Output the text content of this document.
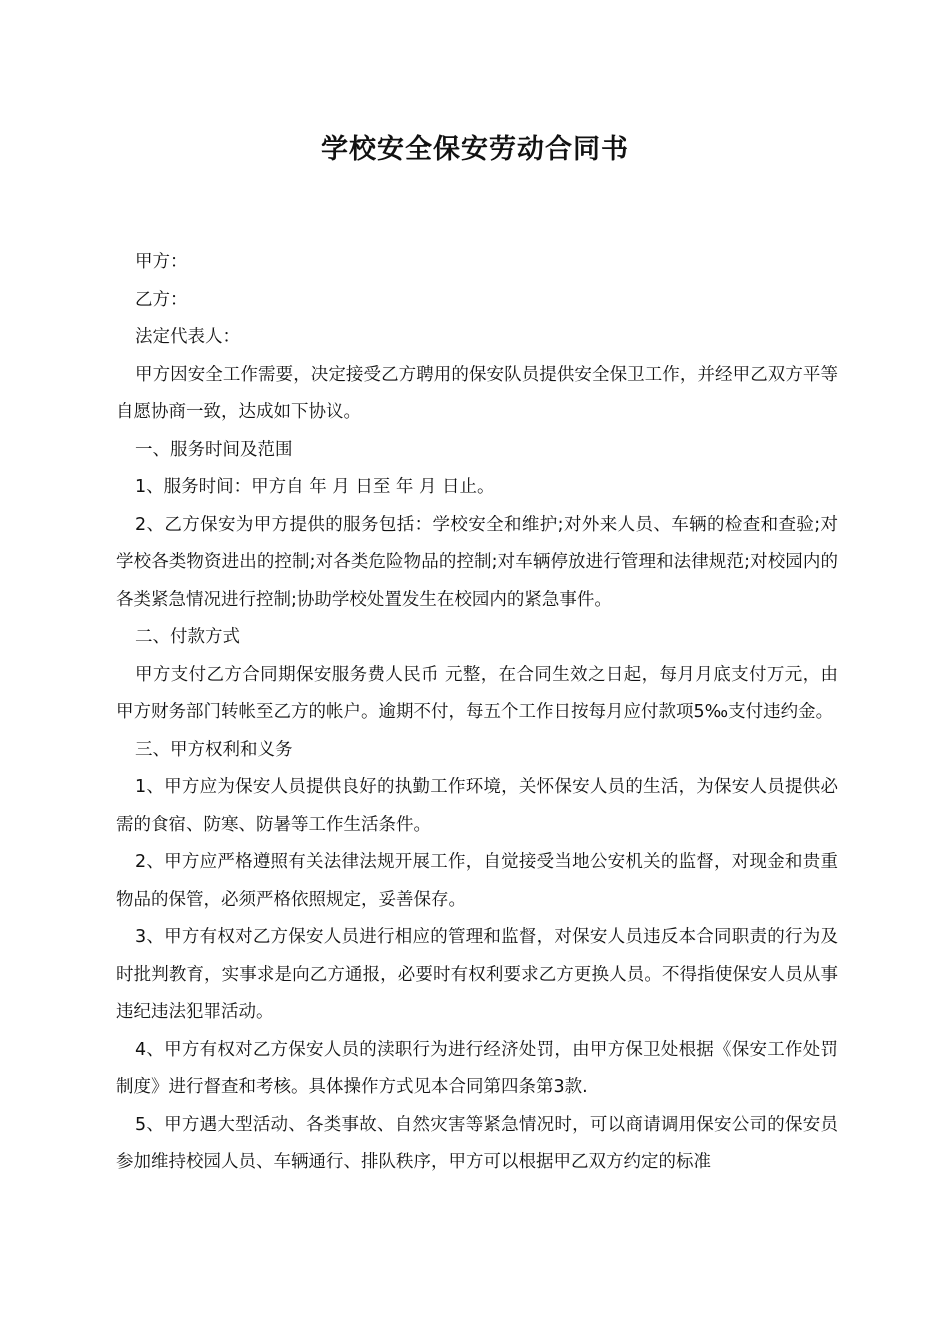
学校安全保安劳动合同书

甲方：

乙方：

法定代表人：

甲方因安全工作需要，决定接受乙方聘用的保安队员提供安全保卫工作，并经甲乙双方平等自愿协商一致，达成如下协议。

一、服务时间及范围

1、服务时间：甲方自 年 月 日至 年 月 日止。

2、乙方保安为甲方提供的服务包括：学校安全和维护;对外来人员、车辆的检查和查验;对学校各类物资进出的控制;对各类危险物品的控制;对车辆停放进行管理和法律规范;对校园内的各类紧急情况进行控制;协助学校处置发生在校园内的紧急事件。

二、付款方式

甲方支付乙方合同期保安服务费人民币 元整，在合同生效之日起，每月月底支付万元，由甲方财务部门转帐至乙方的帐户。逾期不付，每五个工作日按每月应付款项5‰支付违约金。

三、甲方权利和义务

1、甲方应为保安人员提供良好的执勤工作环境，关怀保安人员的生活，为保安人员提供必需的食宿、防寒、防暑等工作生活条件。

2、甲方应严格遵照有关法律法规开展工作，自觉接受当地公安机关的监督，对现金和贵重物品的保管，必须严格依照规定，妥善保存。

3、甲方有权对乙方保安人员进行相应的管理和监督，对保安人员违反本合同职责的行为及时批判教育，实事求是向乙方通报，必要时有权利要求乙方更换人员。不得指使保安人员从事违纪违法犯罪活动。

4、甲方有权对乙方保安人员的渎职行为进行经济处罚，由甲方保卫处根据《保安工作处罚制度》进行督查和考核。具体操作方式见本合同第四条第3款.

5、甲方遇大型活动、各类事故、自然灾害等紧急情况时，可以商请调用保安公司的保安员参加维持校园人员、车辆通行、排队秩序，甲方可以根据甲乙双方约定的标准
